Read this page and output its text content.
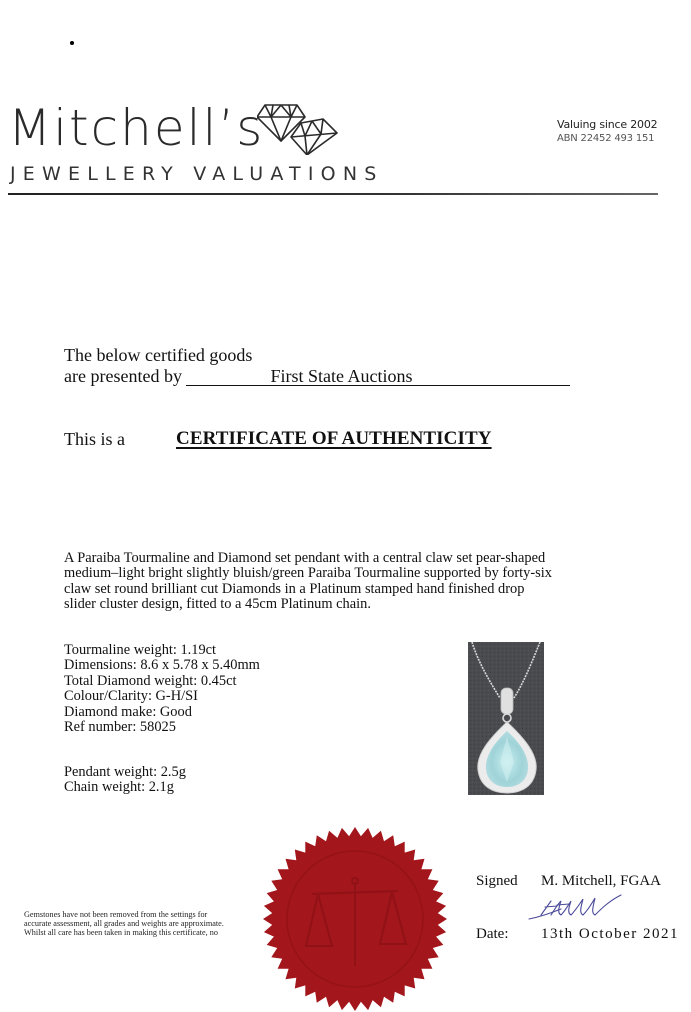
Mitchell’s
JEWELLERY VALUATIONS
Valuing since 2002
ABN 22452 493 151
The below certified goods
are presented by	First State Auctions

This is a	CERTIFICATE OF AUTHENTICITY
A Paraiba Tourmaline and Diamond set pendant with a central claw set pear-shaped
medium–light bright slightly bluish/green Paraiba Tourmaline supported by forty-six
claw set round brilliant cut Diamonds in a Platinum stamped hand finished drop
slider cluster design, fitted to a 45cm Platinum chain.
Tourmaline weight: 1.19ct
Dimensions: 8.6 x 5.78 x 5.40mm
Total Diamond weight: 0.45ct
Colour/Clarity: G-H/SI
Diamond make: Good
Ref number: 58025
Pendant weight: 2.5g
Chain weight: 2.1g
Gemstones have not been removed from the settings for
accurate assessment, all grades and weights are approximate.
Whilst all care has been taken in making this certificate, no
Signed M. Mitchell, FGAA
Date: 13th October 2021
